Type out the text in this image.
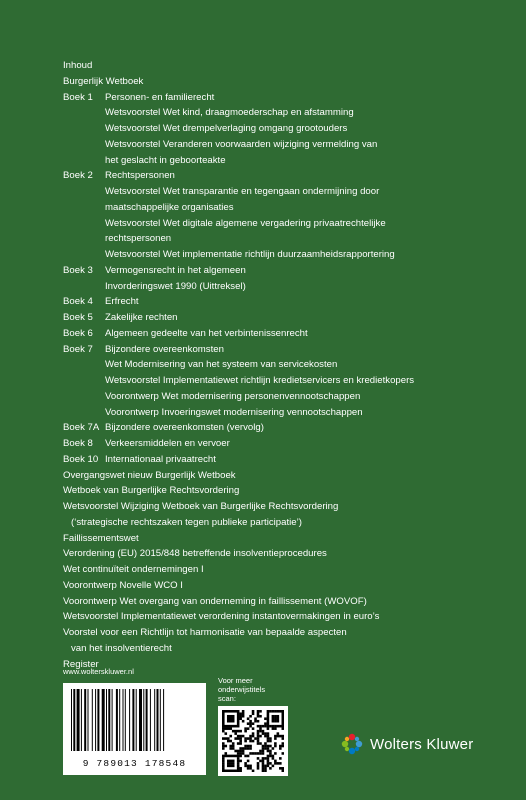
Inhoud
Burgerlijk Wetboek
Boek 1	Personen- en familierecht
Wetsvoorstel Wet kind, draagmoederschap en afstamming
Wetsvoorstel Wet drempelverlaging omgang grootouders
Wetsvoorstel Veranderen voorwaarden wijziging vermelding van
het geslacht in geboorteakte
Boek 2	Rechtspersonen
Wetsvoorstel Wet transparantie en tegengaan ondermijning door
maatschappelijke organisaties
Wetsvoorstel Wet digitale algemene vergadering privaatrechtelijke
rechtspersonen
Wetsvoorstel Wet implementatie richtlijn duurzaamheidsrapportering
Boek 3	Vermogensrecht in het algemeen
Invorderingswet 1990 (Uittreksel)
Boek 4	Erfrecht
Boek 5	Zakelijke rechten
Boek 6	Algemeen gedeelte van het verbintenissenrecht
Boek 7	Bijzondere overeenkomsten
Wet Modernisering van het systeem van servicekosten
Wetsvoorstel Implementatiewet richtlijn kredietservicers en kredietkopers
Voorontwerp Wet modernisering personenvennootschappen
Voorontwerp Invoeringswet modernisering vennootschappen
Boek 7A Bijzondere overeenkomsten (vervolg)
Boek 8	Verkeersmiddelen en vervoer
Boek 10 Internationaal privaatrecht
Overgangswet nieuw Burgerlijk Wetboek
Wetboek van Burgerlijke Rechtsvordering
Wetsvoorstel Wijziging Wetboek van Burgerlijke Rechtsvordering
(‘strategische rechtszaken tegen publieke participatie’)
Faillissementswet
Verordening (EU) 2015/848 betreffende insolventieprocedures
Wet continuïteit ondernemingen I
Voorontwerp Novelle WCO I
Voorontwerp Wet overgang van onderneming in faillissement (WOVOF)
Wetsvoorstel Implementatiewet verordening instantovermakingen in euro’s
Voorstel voor een Richtlijn tot harmonisatie van bepaalde aspecten
van het insolventierecht
Register
www.wolterskluwer.nl
9 789013 178548
Voor meer
onderwijstitels
scan:
Wolters Kluwer
